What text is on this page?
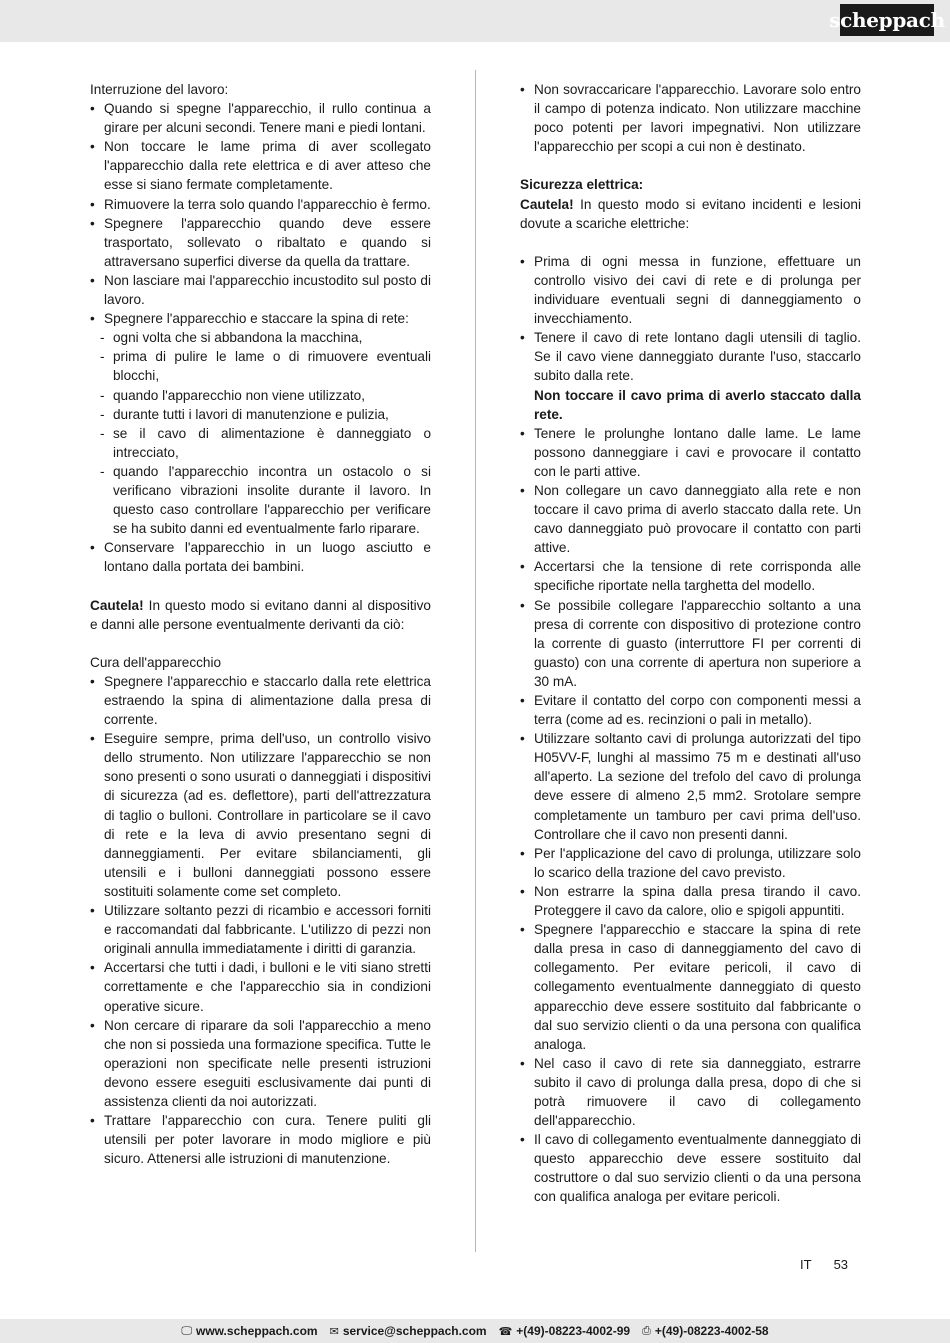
scheppach

Interruzione del lavoro:

• Quando si spegne l'apparecchio, il rullo continua a girare per alcuni secondi. Tenere mani e piedi lontani.
• Non toccare le lame prima di aver scollegato l'apparecchio dalla rete elettrica e di aver atteso che esse si siano fermate completamente.
• Rimuovere la terra solo quando l'apparecchio è fermo.
• Spegnere l'apparecchio quando deve essere trasportato, sollevato o ribaltato e quando si attraversano superfici diverse da quella da trattare.
• Non lasciare mai l'apparecchio incustodito sul posto di lavoro.
• Spegnere l'apparecchio e staccare la spina di rete:
- ogni volta che si abbandona la macchina,
- prima di pulire le lame o di rimuovere eventuali blocchi,
- quando l'apparecchio non viene utilizzato,
- durante tutti i lavori di manutenzione e pulizia,
- se il cavo di alimentazione è danneggiato o intrecciato,
- quando l'apparecchio incontra un ostacolo o si verificano vibrazioni insolite durante il lavoro. In questo caso controllare l'apparecchio per verificare se ha subito danni ed eventualmente farlo riparare.
• Conservare l'apparecchio in un luogo asciutto e lontano dalla portata dei bambini.

Cautela! In questo modo si evitano danni al dispositivo e danni alle persone eventualmente derivanti da ciò:

Cura dell'apparecchio

• Spegnere l'apparecchio e staccarlo dalla rete elettrica estraendo la spina di alimentazione dalla presa di corrente.
• Eseguire sempre, prima dell'uso, un controllo visivo dello strumento. Non utilizzare l'apparecchio se non sono presenti o sono usurati o danneggiati i dispositivi di sicurezza (ad es. deflettore), parti dell'attrezzatura di taglio o bulloni. Controllare in particolare se il cavo di rete e la leva di avvio presentano segni di danneggiamenti. Per evitare sbilanciamenti, gli utensili e i bulloni danneggiati possono essere sostituiti solamente come set completo.
• Utilizzare soltanto pezzi di ricambio e accessori forniti e raccomandati dal fabbricante. L'utilizzo di pezzi non originali annulla immediatamente i diritti di garanzia.
• Accertarsi che tutti i dadi, i bulloni e le viti siano stretti correttamente e che l'apparecchio sia in condizioni operative sicure.
• Non cercare di riparare da soli l'apparecchio a meno che non si possieda una formazione specifica. Tutte le operazioni non specificate nelle presenti istruzioni devono essere eseguiti esclusivamente dai punti di assistenza clienti da noi autorizzati.
• Trattare l'apparecchio con cura. Tenere puliti gli utensili per poter lavorare in modo migliore e più sicuro. Attenersi alle istruzioni di manutenzione.
• Non sovraccaricare l'apparecchio. Lavorare solo entro il campo di potenza indicato. Non utilizzare macchine poco potenti per lavori impegnativi. Non utilizzare l'apparecchio per scopi a cui non è destinato.

Sicurezza elettrica:

Cautela! In questo modo si evitano incidenti e lesioni dovute a scariche elettriche:

• Prima di ogni messa in funzione, effettuare un controllo visivo dei cavi di rete e di prolunga per individuare eventuali segni di danneggiamento o invecchiamento.
• Tenere il cavo di rete lontano dagli utensili di taglio. Se il cavo viene danneggiato durante l'uso, staccarlo subito dalla rete.
Non toccare il cavo prima di averlo staccato dalla rete.
• Tenere le prolunghe lontano dalle lame. Le lame possono danneggiare i cavi e provocare il contatto con le parti attive.
• Non collegare un cavo danneggiato alla rete e non toccare il cavo prima di averlo staccato dalla rete. Un cavo danneggiato può provocare il contatto con parti attive.
• Accertarsi che la tensione di rete corrisponda alle specifiche riportate nella targhetta del modello.
• Se possibile collegare l'apparecchio soltanto a una presa di corrente con dispositivo di protezione contro la corrente di guasto (interruttore FI per correnti di guasto) con una corrente di apertura non superiore a 30 mA.
• Evitare il contatto del corpo con componenti messi a terra (come ad es. recinzioni o pali in metallo).
• Utilizzare soltanto cavi di prolunga autorizzati del tipo H05VV-F, lunghi al massimo 75 m e destinati all'uso all'aperto. La sezione del trefolo del cavo di prolunga deve essere di almeno 2,5 mm2. Srotolare sempre completamente un tamburo per cavi prima dell'uso. Controllare che il cavo non presenti danni.
• Per l'applicazione del cavo di prolunga, utilizzare solo lo scarico della trazione del cavo previsto.
• Non estrarre la spina dalla presa tirando il cavo. Proteggere il cavo da calore, olio e spigoli appuntiti.
• Spegnere l'apparecchio e staccare la spina di rete dalla presa in caso di danneggiamento del cavo di collegamento. Per evitare pericoli, il cavo di collegamento eventualmente danneggiato di questo apparecchio deve essere sostituito dal fabbricante o dal suo servizio clienti o da una persona con qualifica analoga.
• Nel caso il cavo di rete sia danneggiato, estrarre subito il cavo di prolunga dalla presa, dopo di che si potrà rimuovere il cavo di collegamento dell'apparecchio.
• Il cavo di collegamento eventualmente danneggiato di questo apparecchio deve essere sostituito dal costruttore o dal suo servizio clienti o da una persona con qualifica analoga per evitare pericoli.
IT 53
🖵 www.scheppach.com ✉ service@scheppach.com ☎ +(49)-08223-4002-99 ⎙ +(49)-08223-4002-58
